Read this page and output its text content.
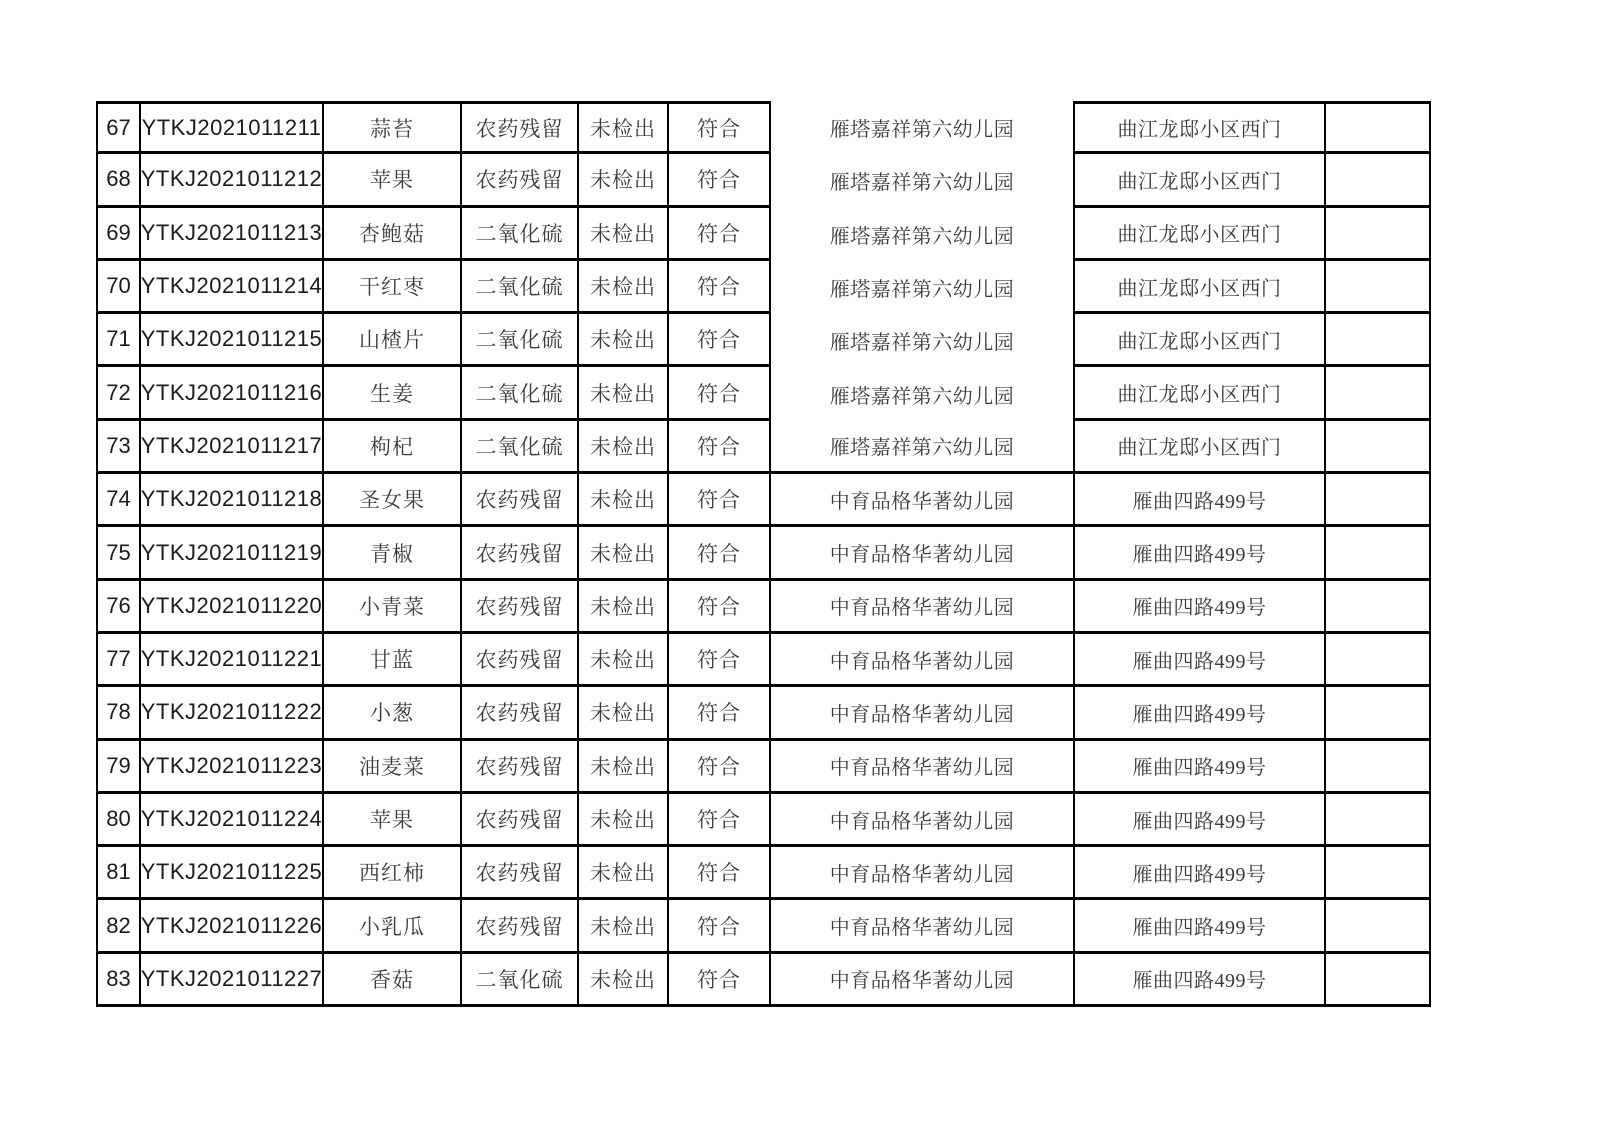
67 YTKJ2021011211	蒜苔	农药残留	未检出	符合	雁塔嘉祥第六幼儿园	曲江龙邸小区西门
68 YTKJ2021011212	苹果	农药残留	未检出	符合	雁塔嘉祥第六幼儿园	曲江龙邸小区西门
69 YTKJ2021011213	杏鲍菇	二氧化硫	未检出	符合	雁塔嘉祥第六幼儿园	曲江龙邸小区西门
70 YTKJ2021011214	干红枣	二氧化硫	未检出	符合	雁塔嘉祥第六幼儿园	曲江龙邸小区西门
71 YTKJ2021011215	山楂片	二氧化硫	未检出	符合	雁塔嘉祥第六幼儿园	曲江龙邸小区西门
72 YTKJ2021011216	生姜	二氧化硫	未检出	符合	雁塔嘉祥第六幼儿园	曲江龙邸小区西门
73 YTKJ2021011217	枸杞	二氧化硫	未检出	符合	雁塔嘉祥第六幼儿园	曲江龙邸小区西门
74 YTKJ2021011218	圣女果	农药残留	未检出	符合	中育品格华著幼儿园	雁曲四路499号
75 YTKJ2021011219	青椒	农药残留	未检出	符合	中育品格华著幼儿园	雁曲四路499号
76 YTKJ2021011220	小青菜	农药残留	未检出	符合	中育品格华著幼儿园	雁曲四路499号
77 YTKJ2021011221	甘蓝	农药残留	未检出	符合	中育品格华著幼儿园	雁曲四路499号
78 YTKJ2021011222	小葱	农药残留	未检出	符合	中育品格华著幼儿园	雁曲四路499号
79 YTKJ2021011223	油麦菜	农药残留	未检出	符合	中育品格华著幼儿园	雁曲四路499号
80 YTKJ2021011224	苹果	农药残留	未检出	符合	中育品格华著幼儿园	雁曲四路499号
81 YTKJ2021011225	西红柿	农药残留	未检出	符合	中育品格华著幼儿园	雁曲四路499号
82 YTKJ2021011226	小乳瓜	农药残留	未检出	符合	中育品格华著幼儿园	雁曲四路499号
83 YTKJ2021011227	香菇	二氧化硫	未检出	符合	中育品格华著幼儿园	雁曲四路499号
